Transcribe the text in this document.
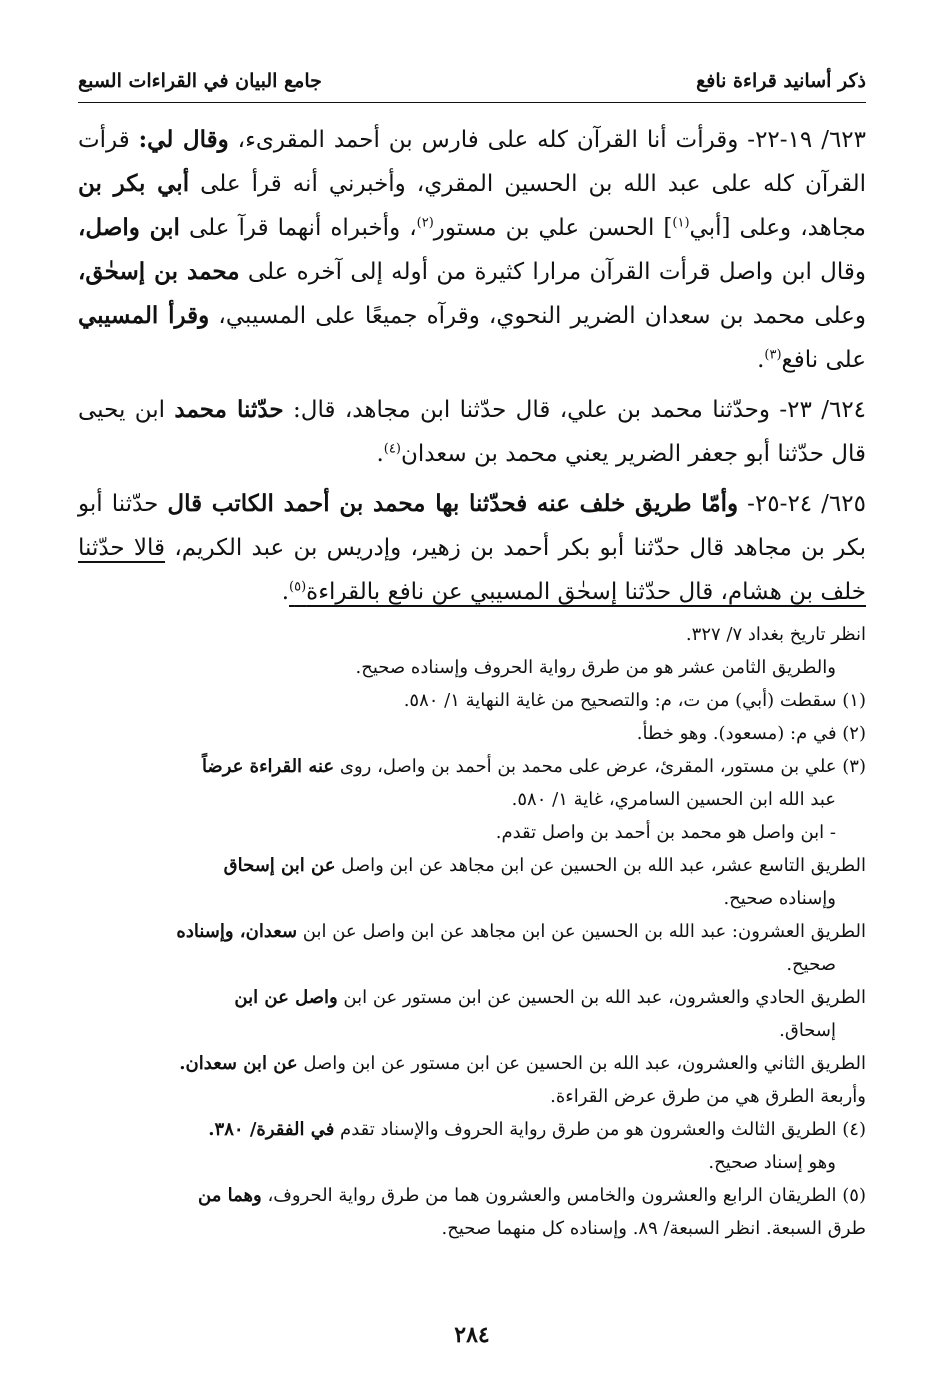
ذكر أسانيد قراءة نافع
جامع البيان في القراءات السبع

٦٢٣/ ١٩-٢٢- وقرأت أنا القرآن كله على فارس بن أحمد المقرىء، وقال لي: قرأت القرآن كله على عبد الله بن الحسين المقري، وأخبرني أنه قرأ على أبي بكر بن مجاهد، وعلى [أبي$^{(١)}$] الحسن علي بن مستور$^{(٢)}$، وأخبراه أنهما قرآ على ابن واصل، وقال ابن واصل قرأت القرآن مرارا كثيرة من أوله إلى آخره على محمد بن إسحٰق، وعلى محمد بن سعدان الضرير النحوي، وقرآه جميعًا على المسيبي، وقرأ المسيبي على نافع$^{(٣)}$.

٦٢٤/ ٢٣- وحدّثنا محمد بن علي، قال حدّثنا ابن مجاهد، قال: حدّثنا محمد ابن يحيى قال حدّثنا أبو جعفر الضرير يعني محمد بن سعدان$^{(٤)}$.

٦٢٥/ ٢٤-٢٥- وأمّا طريق خلف عنه فحدّثنا بها محمد بن أحمد الكاتب قال حدّثنا أبو بكر بن مجاهد قال حدّثنا أبو بكر أحمد بن زهير، وإدريس بن عبد الكريم، قالا حدّثنا خلف بن هشام، قال حدّثنا إسحٰق المسيبي عن نافع بالقراءة$^{(٥)}$.

انظر تاريخ بغداد ٧/ ٣٢٧.
والطريق الثامن عشر هو من طرق رواية الحروف وإسناده صحيح.
(١) سقطت (أبي) من ت، م: والتصحيح من غاية النهاية ١/ ٥٨٠.
(٢) في م: (مسعود). وهو خطأ.
(٣) علي بن مستور، المقرئ، عرض على محمد بن أحمد بن واصل، روى عنه القراءة عرضاً
عبد الله ابن الحسين السامري، غاية ١/ ٥٨٠.
- ابن واصل هو محمد بن أحمد بن واصل تقدم.
الطريق التاسع عشر، عبد الله بن الحسين عن ابن مجاهد عن ابن واصل عن ابن إسحاق
وإسناده صحيح.
الطريق العشرون: عبد الله بن الحسين عن ابن مجاهد عن ابن واصل عن ابن سعدان، وإسناده
صحيح.
الطريق الحادي والعشرون، عبد الله بن الحسين عن ابن مستور عن ابن واصل عن ابن
إسحاق.
الطريق الثاني والعشرون، عبد الله بن الحسين عن ابن مستور عن ابن واصل عن ابن سعدان.
وأربعة الطرق هي من طرق عرض القراءة.
(٤) الطريق الثالث والعشرون هو من طرق رواية الحروف والإسناد تقدم في الفقرة/ ٣٨٠.
وهو إسناد صحيح.
(٥) الطريقان الرابع والعشرون والخامس والعشرون هما من طرق رواية الحروف، وهما من
طرق السبعة. انظر السبعة/ ٨٩. وإسناده كل منهما صحيح.
٢٨٤
